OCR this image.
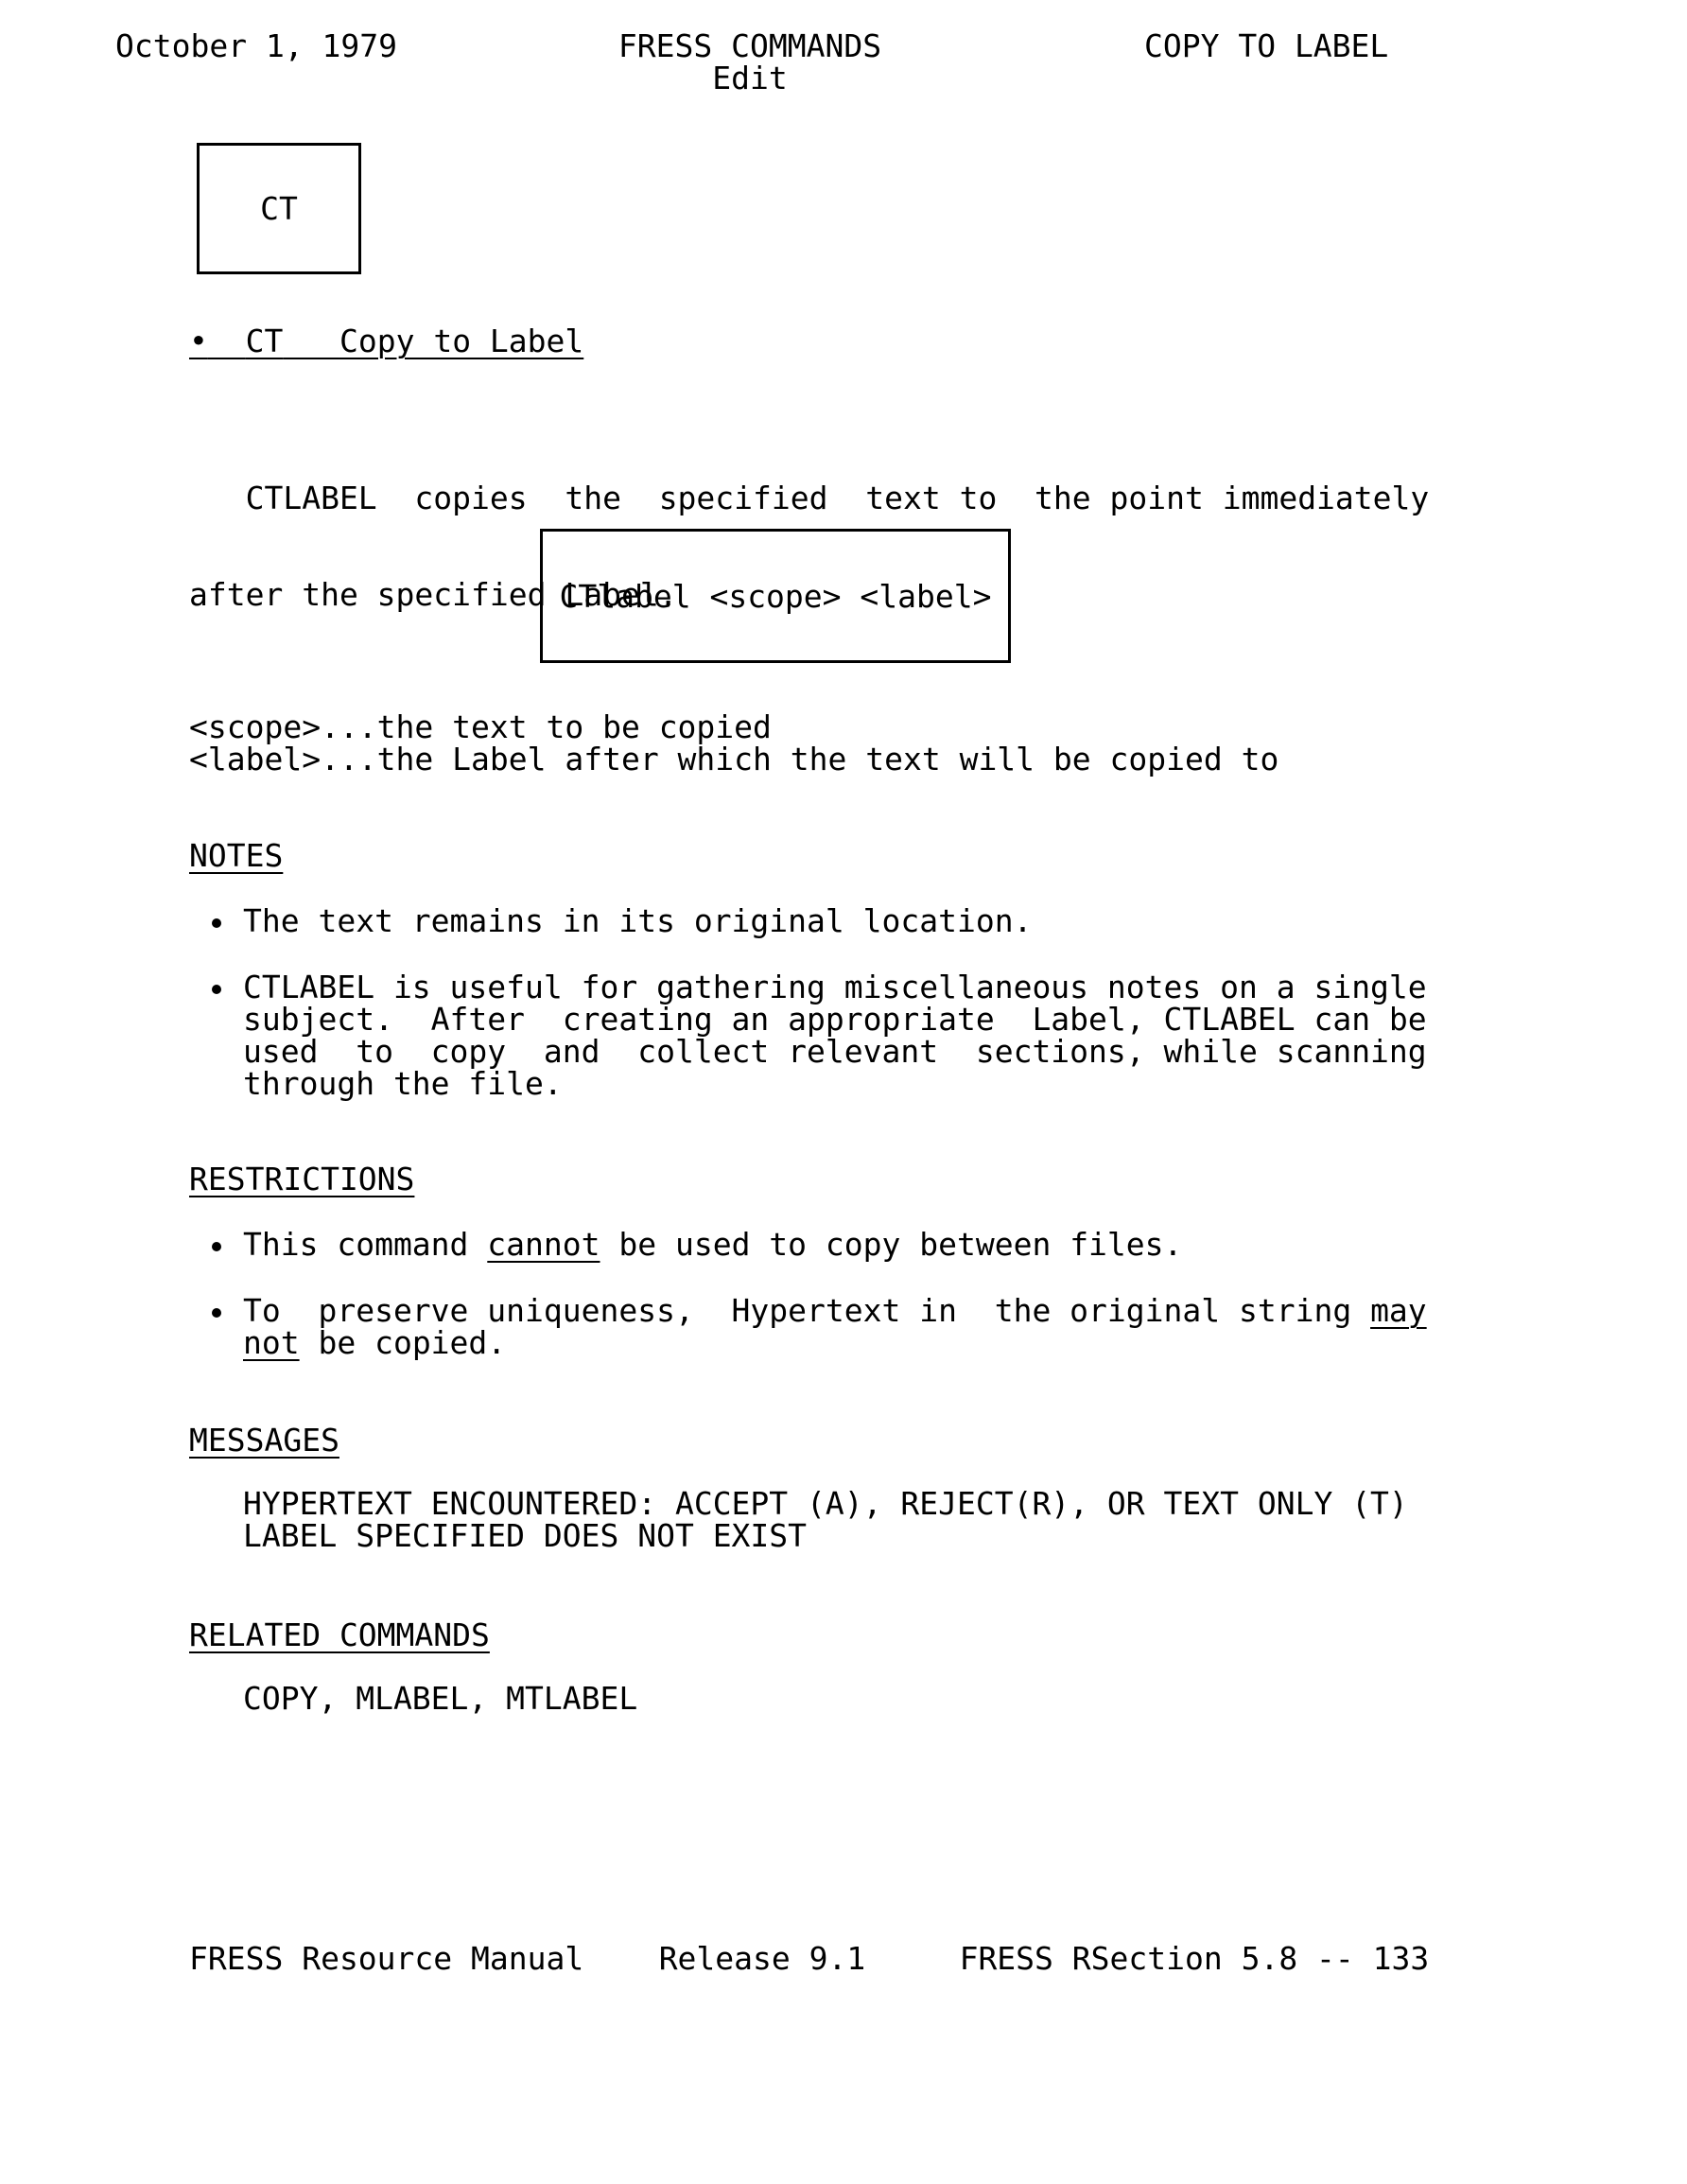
October 1, 1979	FRESS COMMANDS
Edit
COPY TO LABEL
CT
• CT Copy to Label

CTLABEL  copies  the  specified  text to  the point immediately

after the specified Label.

CTlabel <scope> <label>
<scope>...the text to be copied
<label>...the Label after which the text will be copied to
NOTES
The text remains in its original location.
CTLABEL is useful for gathering miscellaneous notes on a single
subject.  After  creating an appropriate  Label, CTLABEL can be
used  to  copy  and  collect relevant  sections, while scanning
through the file.
RESTRICTIONS
This command cannot be used to copy between files.
To  preserve uniqueness,  Hypertext in  the original string may
not be copied.
MESSAGES
HYPERTEXT ENCOUNTERED: ACCEPT (A), REJECT(R), OR TEXT ONLY (T)
LABEL SPECIFIED DOES NOT EXIST
RELATED COMMANDS
COPY, MLABEL, MTLABEL
FRESS Resource Manual    Release 9.1     FRESS RSection 5.8 -- 133
